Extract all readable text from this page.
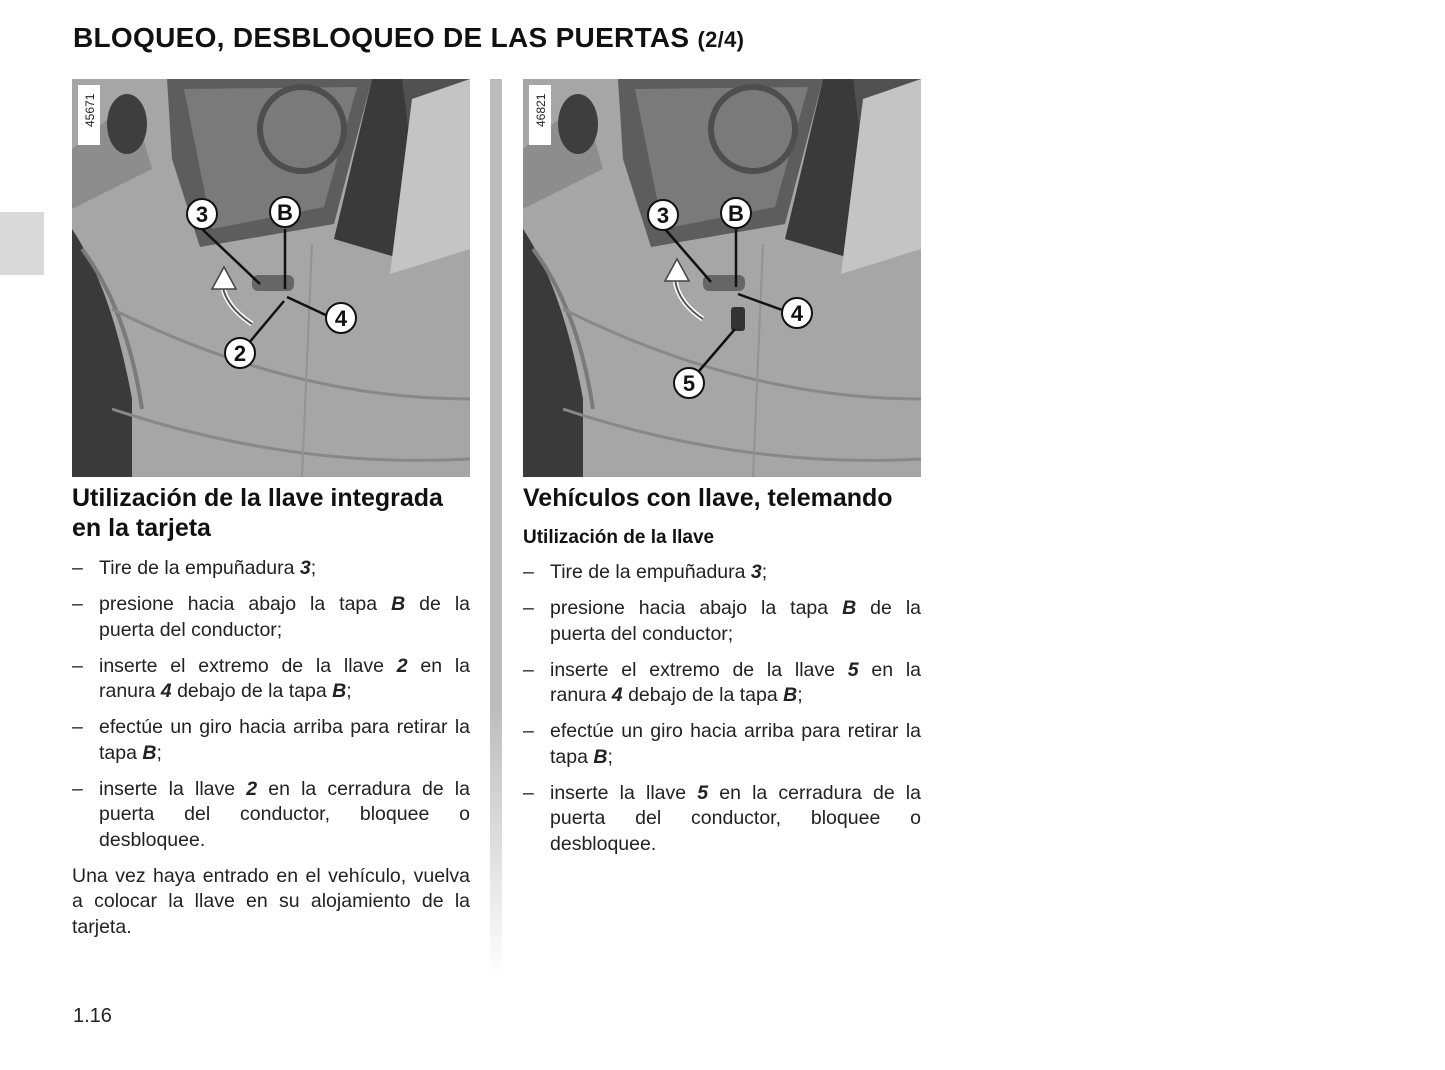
BLOQUEO, DESBLOQUEO DE LAS PUERTAS (2/4)
3	B
4
2
45671
3	B
4
5
46821
Utilización de la llave integrada en la tarjeta
– Tire de la empuñadura 3;
– presione hacia abajo la tapa B de la puerta del conductor;
– inserte el extremo de la llave 2 en la ranura 4 debajo de la tapa B;
– efectúe un giro hacia arriba para retirar la tapa B;
– inserte la llave 2 en la cerradura de la puerta del conductor, bloquee o desbloquee.

Una vez haya entrado en el vehículo, vuelva a colocar la llave en su alojamiento de la tarjeta.

Vehículos con llave, telemando
Utilización de la llave
– Tire de la empuñadura 3;
– presione hacia abajo la tapa B de la puerta del conductor;
– inserte el extremo de la llave 5 en la ranura 4 debajo de la tapa B;
– efectúe un giro hacia arriba para retirar la tapa B;
– inserte la llave 5 en la cerradura de la puerta del conductor, bloquee o desbloquee.
1.16
